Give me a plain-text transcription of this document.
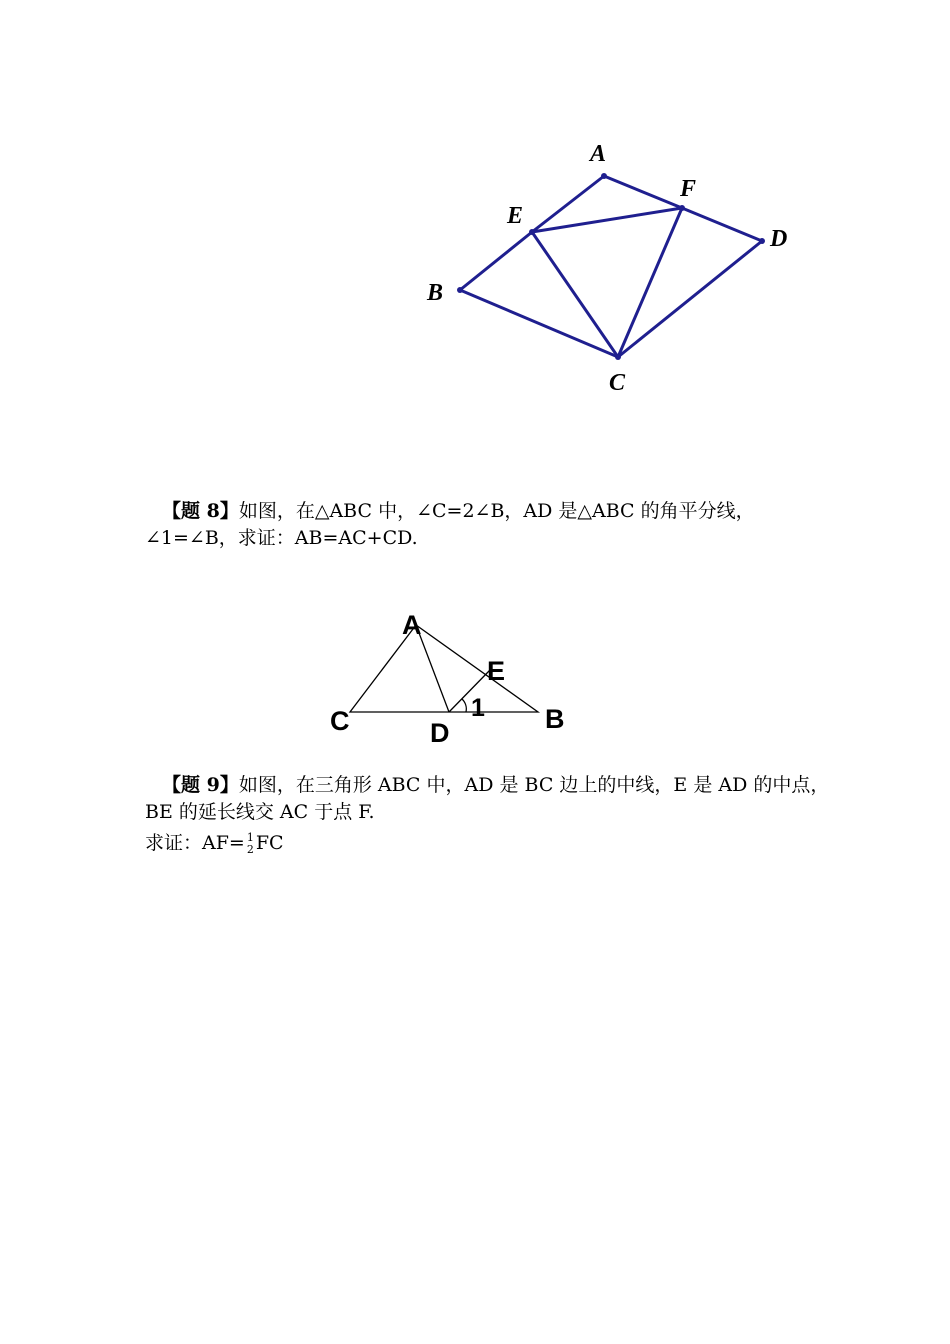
A
F
E
D
B
C
【题 8】如图，在△ABC 中，∠C=2∠B，AD 是△ABC 的角平分线，
∠1=∠B，求证：AB=AC+CD.
A
E
1
C	D	B
【题 9】如图，在三角形 ABC 中，AD 是 BC 边上的中线，E 是 AD 的中点，
BE 的延长线交 AC 于点 F.
求证：AF= 1
2 FC
